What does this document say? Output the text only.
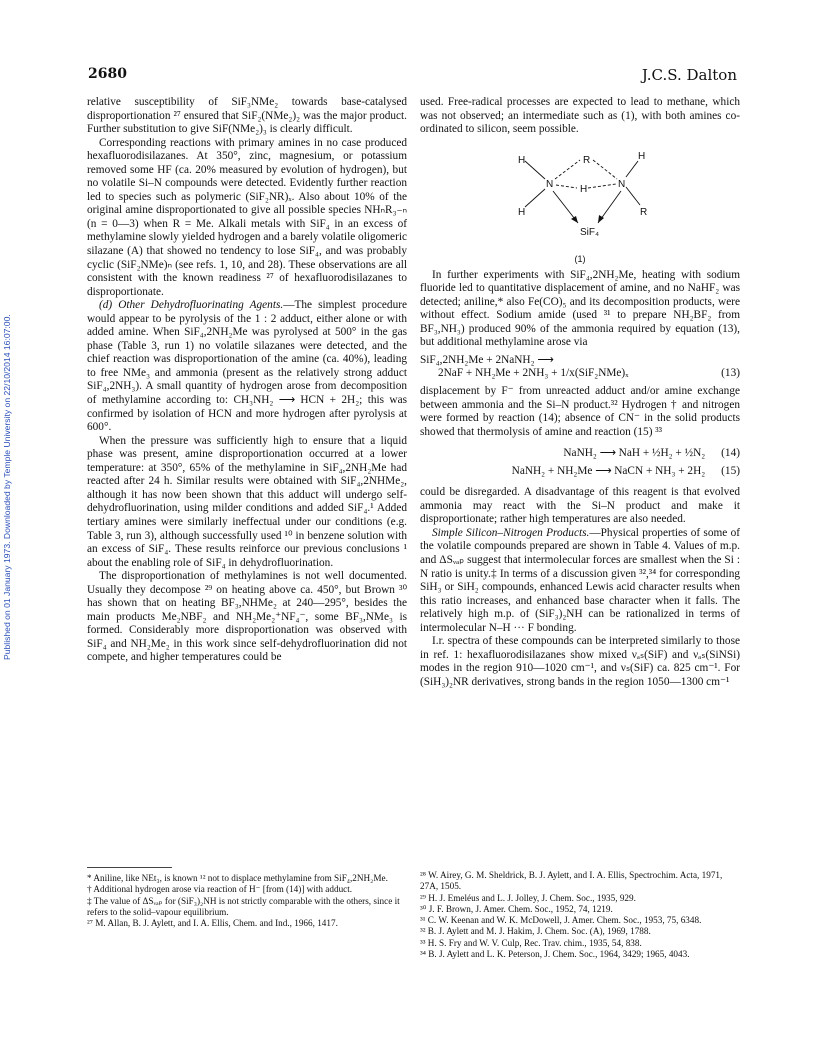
Published on 01 January 1973. Downloaded by Temple University on 22/10/2014 16:07:00.
2680	J.C.S. Dalton

relative susceptibility of SiF₃NMe₂ towards base-catalysed disproportionation ²⁷ ensured that SiF₂(NMe₂)₂ was the major product. Further substitution to give SiF(NMe₂)₃ is clearly difficult.

Corresponding reactions with primary amines in no case produced hexafluorodisilazanes. At 350°, zinc, magnesium, or potassium removed some HF (ca. 20% measured by evolution of hydrogen), but no volatile Si–N compounds were detected. Evidently further reaction led to species such as polymeric (SiF₂NR)ₓ. Also about 10% of the original amine disproportionated to give all possible species NHₙR₃₋ₙ (n = 0—3) when R = Me. Alkali metals with SiF₄ in an excess of methylamine slowly yielded hydrogen and a barely volatile oligomeric silazane (A) that showed no tendency to lose SiF₄, and was probably cyclic (SiF₂NMe)ₙ (see refs. 1, 10, and 28). These observations are all consistent with the known readiness ²⁷ of hexafluorodisilazanes to disproportionate.

(d) Other Dehydrofluorinating Agents.—The simplest procedure would appear to be pyrolysis of the 1 : 2 adduct, either alone or with added amine. When SiF₄,2NH₂Me was pyrolysed at 500° in the gas phase (Table 3, run 1) no volatile silazanes were detected, and the chief reaction was disproportionation of the amine (ca. 40%), leading to free NMe₃ and ammonia (present as the relatively strong adduct SiF₄,2NH₃). A small quantity of hydrogen arose from decomposition of methylamine according to: CH₃NH₂ ⟶ HCN + 2H₂; this was confirmed by isolation of HCN and more hydrogen after pyrolysis at 600°.

When the pressure was sufficiently high to ensure that a liquid phase was present, amine disproportionation occurred at a lower temperature: at 350°, 65% of the methylamine in SiF₄,2NH₂Me had reacted after 24 h. Similar results were obtained with SiF₄,2NHMe₂, although it has now been shown that this adduct will undergo self-dehydrofluorination, using milder conditions and added SiF₄.¹ Added tertiary amines were similarly ineffectual under our conditions (e.g. Table 3, run 3), although successfully used ¹⁰ in benzene solution with an excess of SiF₄. These results reinforce our previous conclusions ¹ about the enabling role of SiF₄ in dehydrofluorination.

The disproportionation of methylamines is not well documented. Usually they decompose ²⁹ on heating above ca. 450°, but Brown ³⁰ has shown that on heating BF₃,NHMe₂ at 240—295°, besides the main products Me₂NBF₂ and NH₂Me₂⁺NF₄⁻, some BF₃,NMe₃ is formed. Considerably more disproportionation was observed with SiF₄ and NH₂Me₂ in this work since self-dehydrofluorination did not compete, and higher temperatures could be

used. Free-radical processes are expected to lead to methane, which was not observed; an intermediate such as (1), with both amines co-ordinated to silicon, seem possible.

H
H
N
R
H	N
H
R
SiF₄
(1)

In further experiments with SiF₄,2NH₂Me, heating with sodium fluoride led to quantitative displacement of amine, and no NaHF₂ was detected; aniline,* also Fe(CO)₅ and its decomposition products, were without effect. Sodium amide (used ³¹ to prepare NH₂BF₂ from BF₃,NH₃) produced 90% of the ammonia required by equation (13), but additional methylamine arose via

SiF₄,2NH₂Me + 2NaNH₂ ⟶
2NaF + NH₂Me + 2NH₃ + 1/x(SiF₂NMe)ₓ	(13)

displacement by F⁻ from unreacted adduct and/or amine exchange between ammonia and the Si–N product.³² Hydrogen † and nitrogen were formed by reaction (14); absence of CN⁻ in the solid products showed that thermolysis of amine and reaction (15) ³³

NaNH₂ ⟶ NaH + ½H₂ + ½N₂ (14)
NaNH₂ + NH₂Me ⟶ NaCN + NH₃ + 2H₂ (15)

could be disregarded. A disadvantage of this reagent is that evolved ammonia may react with the Si–N product and make it disproportionate; rather high temperatures are also needed.

Simple Silicon–Nitrogen Products.—Physical properties of some of the volatile compounds prepared are shown in Table 4. Values of m.p. and ΔSᵥₐₚ suggest that intermolecular forces are smallest when the Si : N ratio is unity.‡ In terms of a discussion given ³²,³⁴ for corresponding SiH₃ or SiH₂ compounds, enhanced Lewis acid character results when this ratio increases, and enhanced base character when it falls. The relatively high m.p. of (SiF₃)₂NH can be rationalized in terms of intermolecular N–H ··· F bonding.

I.r. spectra of these compounds can be interpreted similarly to those in ref. 1: hexafluorodisilazanes show mixed νₐₛ(SiF) and νₐₛ(SiNSi) modes in the region 910—1020 cm⁻¹, and νₛ(SiF) ca. 825 cm⁻¹. For (SiH₃)₂NR derivatives, strong bands in the region 1050—1300 cm⁻¹

* Aniline, like NEt₃, is known ¹² not to displace methylamine from SiF₄,2NH₂Me.

† Additional hydrogen arose via reaction of H⁻ [from (14)] with adduct.

‡ The value of ΔSᵥₐₚ for (SiF₃)₂NH is not strictly comparable with the others, since it refers to the solid–vapour equilibrium.

²⁷ M. Allan, B. J. Aylett, and I. A. Ellis, Chem. and Ind., 1966, 1417.

²⁸ W. Airey, G. M. Sheldrick, B. J. Aylett, and I. A. Ellis, Spectrochim. Acta, 1971, 27A, 1505.

²⁹ H. J. Emeléus and L. J. Jolley, J. Chem. Soc., 1935, 929.

³⁰ J. F. Brown, J. Amer. Chem. Soc., 1952, 74, 1219.

³¹ C. W. Keenan and W. K. McDowell, J. Amer. Chem. Soc., 1953, 75, 6348.

³² B. J. Aylett and M. J. Hakim, J. Chem. Soc. (A), 1969, 1788.

³³ H. S. Fry and W. V. Culp, Rec. Trav. chim., 1935, 54, 838.

³⁴ B. J. Aylett and L. K. Peterson, J. Chem. Soc., 1964, 3429; 1965, 4043.
